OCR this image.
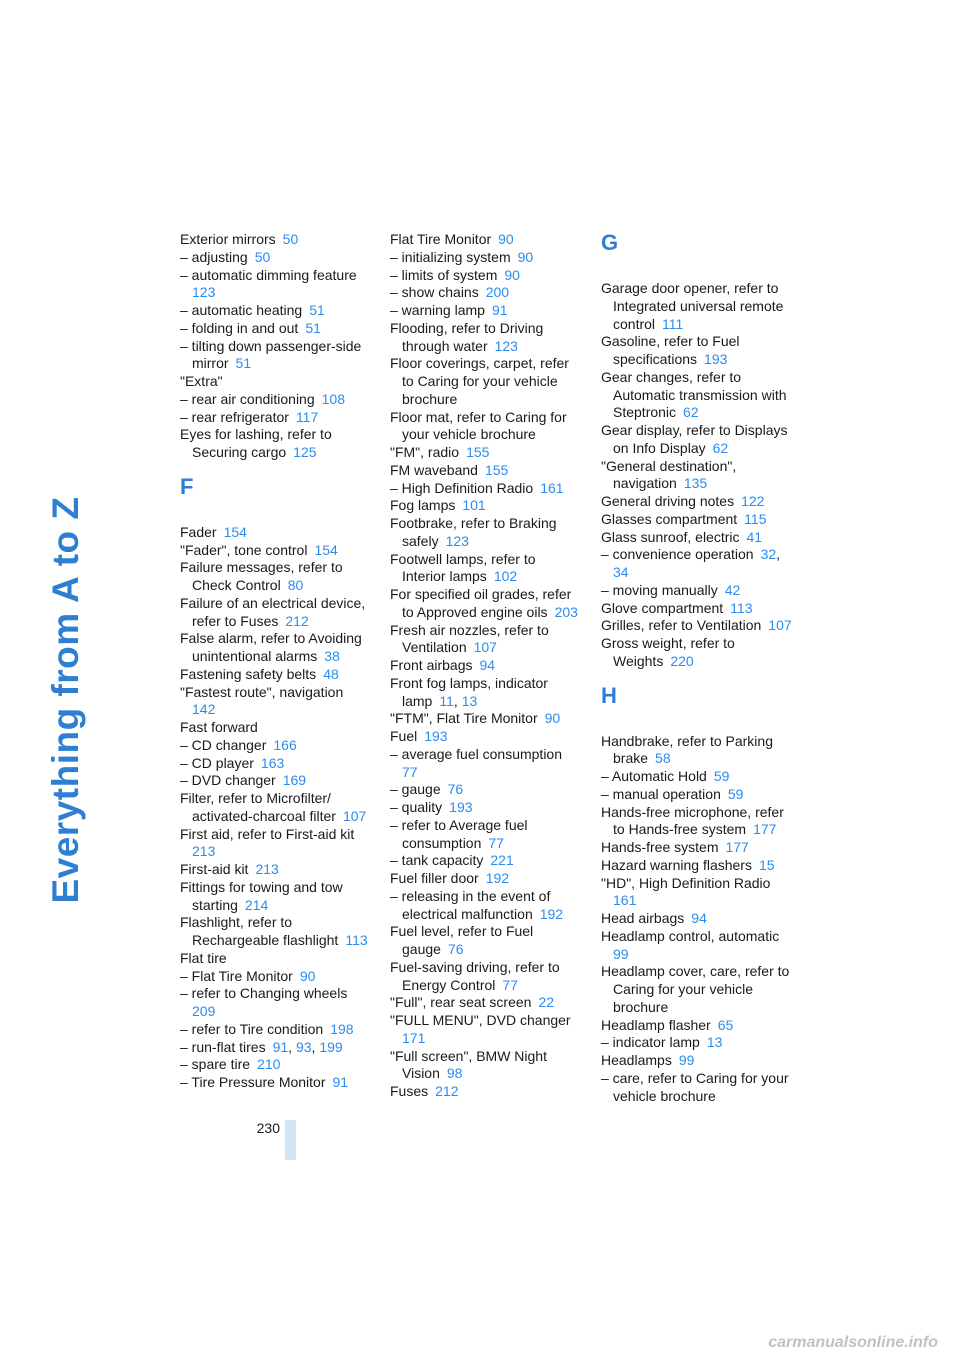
Everything from A to Z
Exterior mirrors  50
– adjusting  50
– automatic dimming feature 123
– automatic heating  51
– folding in and out  51
– tilting down passenger-side mirror  51
"Extra"
– rear air conditioning  108
– rear refrigerator  117
Eyes for lashing, refer to Securing cargo  125
F
Fader  154
"Fader", tone control  154
Failure messages, refer to Check Control  80
Failure of an electrical device, refer to Fuses  212
False alarm, refer to Avoiding unintentional alarms  38
Fastening safety belts  48
"Fastest route", navigation 142
Fast forward
– CD changer  166
– CD player  163
– DVD changer  169
Filter, refer to Microfilter/ activated-charcoal filter  107
First aid, refer to First-aid kit 213
First-aid kit  213
Fittings for towing and tow starting  214
Flashlight, refer to Rechargeable flashlight  113
Flat tire
– Flat Tire Monitor  90
– refer to Changing wheels 209
– refer to Tire condition  198
– run-flat tires  91, 93, 199
– spare tire  210
– Tire Pressure Monitor  91
Flat Tire Monitor  90
– initializing system  90
– limits of system  90
– show chains  200
– warning lamp  91
Flooding, refer to Driving through water  123
Floor coverings, carpet, refer to Caring for your vehicle brochure
Floor mat, refer to Caring for your vehicle brochure
"FM", radio  155
FM waveband  155
– High Definition Radio  161
Fog lamps  101
Footbrake, refer to Braking safely  123
Footwell lamps, refer to Interior lamps  102
For specified oil grades, refer to Approved engine oils  203
Fresh air nozzles, refer to Ventilation  107
Front airbags  94
Front fog lamps, indicator lamp  11, 13
"FTM", Flat Tire Monitor  90
Fuel  193
– average fuel consumption 77
– gauge  76
– quality  193
– refer to Average fuel consumption  77
– tank capacity  221
Fuel filler door  192
– releasing in the event of electrical malfunction  192
Fuel level, refer to Fuel gauge  76
Fuel-saving driving, refer to Energy Control  77
"Full", rear seat screen  22
"FULL MENU", DVD changer 171
"Full screen", BMW Night Vision  98
Fuses  212
G
Garage door opener, refer to Integrated universal remote control  111
Gasoline, refer to Fuel specifications  193
Gear changes, refer to Automatic transmission with Steptronic  62
Gear display, refer to Displays on Info Display  62
"General destination", navigation  135
General driving notes  122
Glasses compartment  115
Glass sunroof, electric  41
– convenience operation  32, 34
– moving manually  42
Glove compartment  113
Grilles, refer to Ventilation  107
Gross weight, refer to Weights  220
H
Handbrake, refer to Parking brake  58
– Automatic Hold  59
– manual operation  59
Hands-free microphone, refer to Hands-free system  177
Hands-free system  177
Hazard warning flashers  15
"HD", High Definition Radio 161
Head airbags  94
Headlamp control, automatic 99
Headlamp cover, care, refer to Caring for your vehicle brochure
Headlamp flasher  65
– indicator lamp  13
Headlamps  99
– care, refer to Caring for your vehicle brochure
230
carmanualsonline.info
